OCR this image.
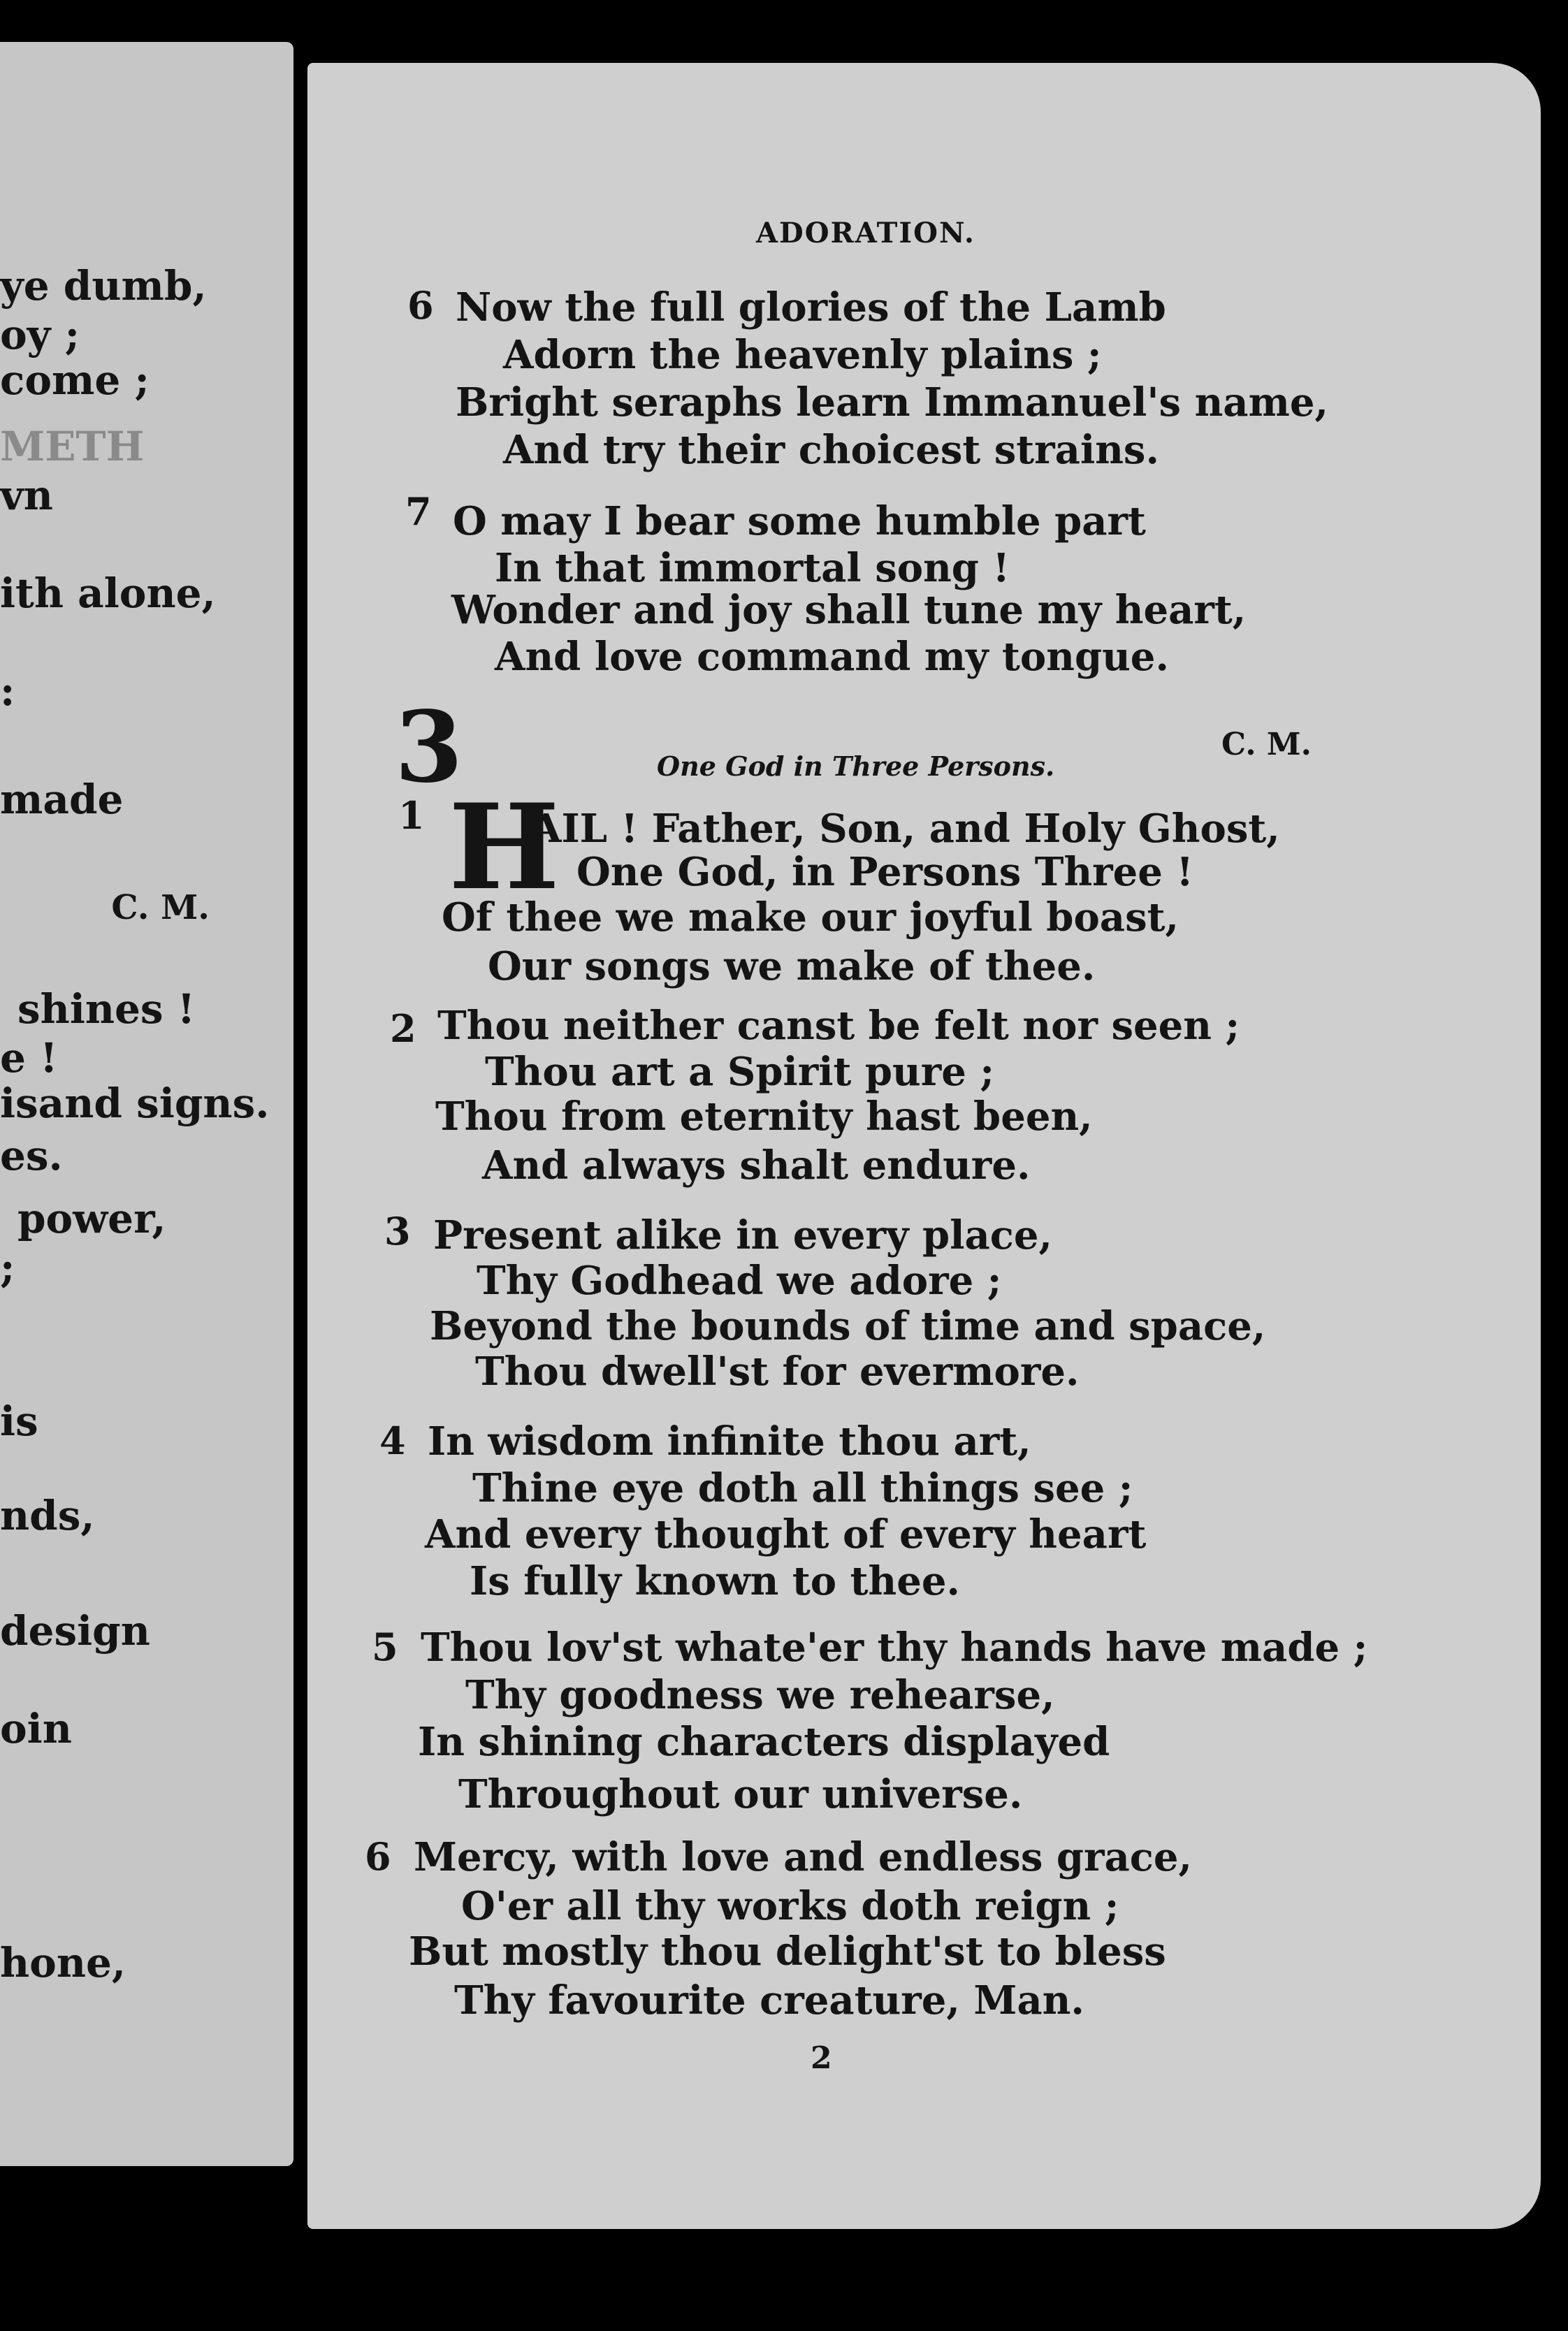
ye dumb,
oy ;
come ;
METH
vn
ith alone,
:
made
C. M.
shines !
e !
isand signs.
es.
power,
;
is
nds,
design
oin
hone,
ADORATION.
6 Now the full glories of the Lamb
Adorn the heavenly plains ;
Bright seraphs learn Immanuel's name,
And try their choicest strains.
7 O may I bear some humble part
In that immortal song !
Wonder and joy shall tune my heart,
And love command my tongue.
3	C. M.
One God in Three Persons.
1 H
AIL ! Father, Son, and Holy Ghost,
One God, in Persons Three !
Of thee we make our joyful boast,
Our songs we make of thee.
2 Thou neither canst be felt nor seen ;
Thou art a Spirit pure ;
Thou from eternity hast been,
And always shalt endure.
3 Present alike in every place,
Thy Godhead we adore ;
Beyond the bounds of time and space,
Thou dwell'st for evermore.
4 In wisdom infinite thou art,
Thine eye doth all things see ;
And every thought of every heart
Is fully known to thee.
5 Thou lov'st whate'er thy hands have made ;
Thy goodness we rehearse,
In shining characters displayed
Throughout our universe.
6 Mercy, with love and endless grace,
O'er all thy works doth reign ;
But mostly thou delight'st to bless
Thy favourite creature, Man.
2
